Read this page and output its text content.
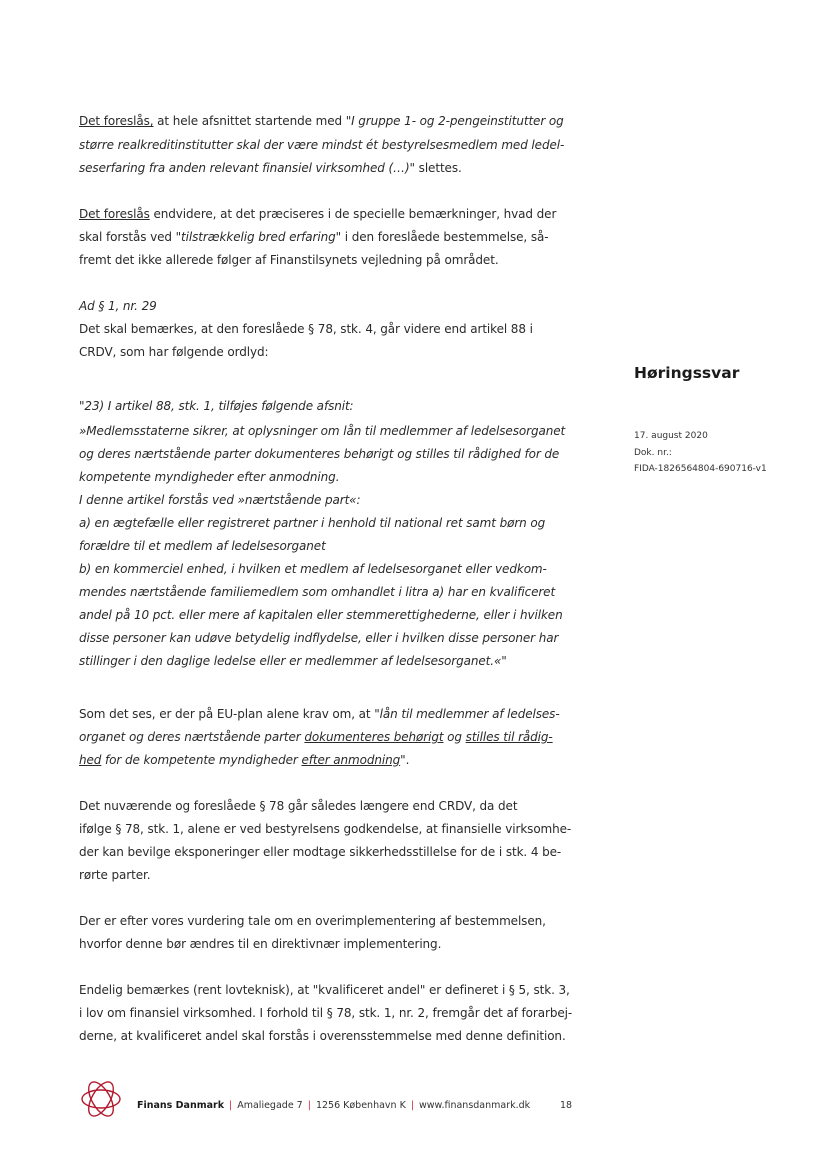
Det foreslås, at hele afsnittet startende med "I gruppe 1- og 2-pengeinstitutter og
større realkreditinstitutter skal der være mindst ét bestyrelsesmedlem med ledel-
seserfaring fra anden relevant finansiel virksomhed (…)" slettes.
Det foreslås endvidere, at det præciseres i de specielle bemærkninger, hvad der
skal forstås ved "tilstrækkelig bred erfaring" i den foreslåede bestemmelse, så-
fremt det ikke allerede følger af Finanstilsynets vejledning på området.
Ad § 1, nr. 29
Det skal bemærkes, at den foreslåede § 78, stk. 4, går videre end artikel 88 i
CRDV, som har følgende ordlyd:
"23) I artikel 88, stk. 1, tilføjes følgende afsnit:
»Medlemsstaterne sikrer, at oplysninger om lån til medlemmer af ledelsesorganet
og deres nærtstående parter dokumenteres behørigt og stilles til rådighed for de
kompetente myndigheder efter anmodning.
I denne artikel forstås ved »nærtstående part«:
a) en ægtefælle eller registreret partner i henhold til national ret samt børn og
forældre til et medlem af ledelsesorganet
b) en kommerciel enhed, i hvilken et medlem af ledelsesorganet eller vedkom-
mendes nærtstående familiemedlem som omhandlet i litra a) har en kvalificeret
andel på 10 pct. eller mere af kapitalen eller stemmerettighederne, eller i hvilken
disse personer kan udøve betydelig indflydelse, eller i hvilken disse personer har
stillinger i den daglige ledelse eller er medlemmer af ledelsesorganet.«"
Som det ses, er der på EU-plan alene krav om, at "lån til medlemmer af ledelses-
organet og deres nærtstående parter dokumenteres behørigt og stilles til rådig-
hed for de kompetente myndigheder efter anmodning".
Det nuværende og foreslåede § 78 går således længere end CRDV, da det
ifølge § 78, stk. 1, alene er ved bestyrelsens godkendelse, at finansielle virksomhe-
der kan bevilge eksponeringer eller modtage sikkerhedsstillelse for de i stk. 4 be-
rørte parter.
Der er efter vores vurdering tale om en overimplementering af bestemmelsen,
hvorfor denne bør ændres til en direktivnær implementering.
Endelig bemærkes (rent lovteknisk), at "kvalificeret andel" er defineret i § 5, stk. 3,
i lov om finansiel virksomhed. I forhold til § 78, stk. 1, nr. 2, fremgår det af forarbej-
derne, at kvalificeret andel skal forstås i overensstemmelse med denne definition.
Høringssvar
17. august 2020
Dok. nr.:
FIDA-1826564804-690716-v1
Finans Danmark | Amaliegade 7 | 1256 København K | www.finansdanmark.dk	18
